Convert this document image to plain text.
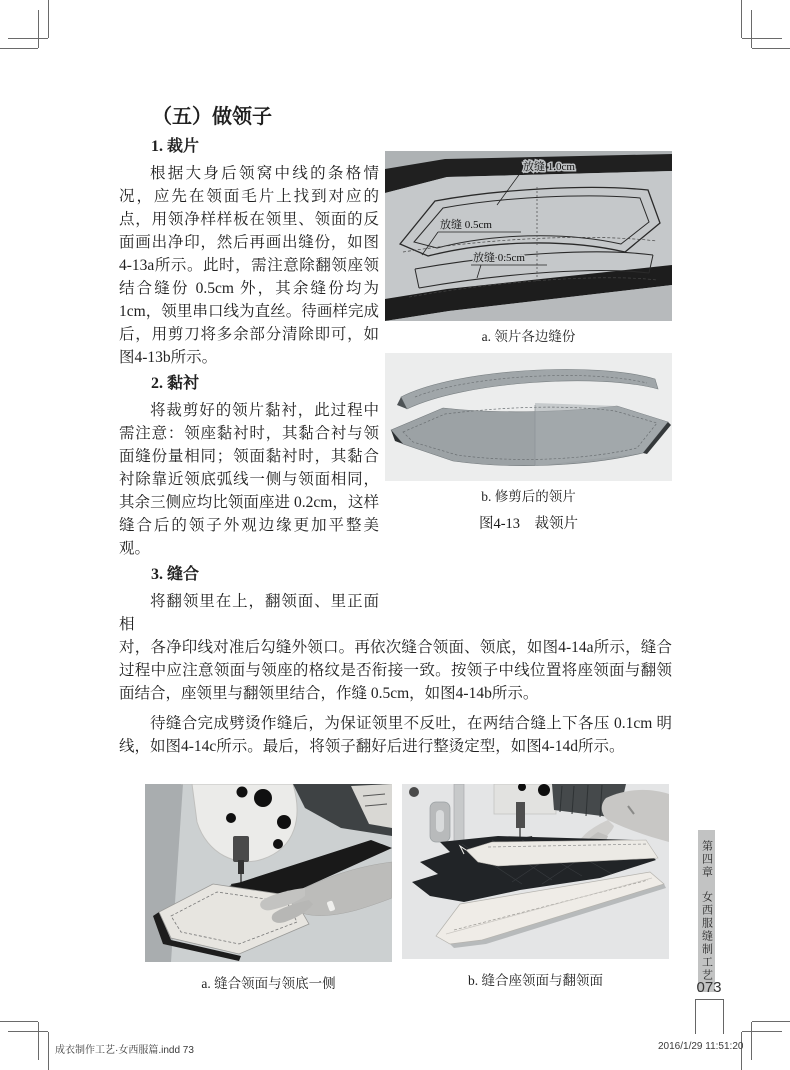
（五）做领子
1. 裁片

根据大身后领窝中线的条格情况，应先在领面毛片上找到对应的点，用领净样样板在领里、领面的反面画出净印，然后再画出缝份，如图4-13a所示。此时，需注意除翻领座领结合缝份 0.5cm 外，其余缝份均为 1cm，领里串口线为直丝。待画样完成后，用剪刀将多余部分清除即可，如图4-13b所示。

2. 黏衬

将裁剪好的领片黏衬，此过程中需注意：领座黏衬时，其黏合衬与领面缝份量相同；领面黏衬时，其黏合衬除靠近领底弧线一侧与领面相同，其余三侧应均比领面座进 0.2cm，这样缝合后的领子外观边缘更加平整美观。

3. 缝合

将翻领里在上，翻领面、里正面相

放缝 1.0cm
放缝 0.5cm
放缝 0.5cm
a. 领片各边缝份
b. 修剪后的领片
图4-13　裁领片

对，各净印线对准后勾缝外领口。再依次缝合领面、领底，如图4-14a所示，缝合过程中应注意领面与领座的格纹是否衔接一致。按领子中线位置将座领面与翻领面结合，座领里与翻领里结合，作缝 0.5cm，如图4-14b所示。

待缝合完成劈烫作缝后，为保证领里不反吐，在两结合缝上下各压 0.1cm 明线，如图4-14c所示。最后，将领子翻好后进行整烫定型，如图4-14d所示。

a. 缝合领面与领底一侧	b. 缝合座领面与翻领面
第四章
女西服缝制工艺
073
成衣制作工艺·女西服篇.indd 73	2016/1/29 11:51:20
